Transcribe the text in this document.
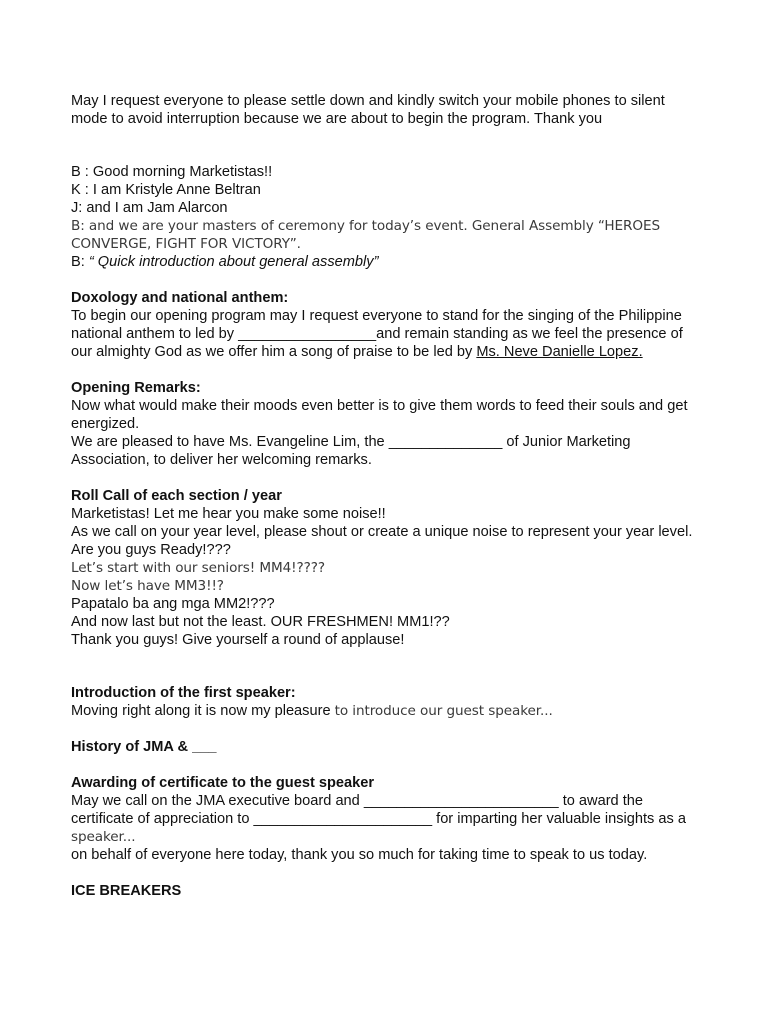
May I request everyone to please settle down and kindly switch your mobile phones to silent
mode to avoid interruption because we are about to begin the program. Thank you
B : Good morning Marketistas!!
K : I am Kristyle Anne Beltran
J: and I am Jam Alarcon
B: and we are your masters of ceremony for today’s event. General Assembly “HEROES
CONVERGE, FIGHT FOR VICTORY”.
B: “ Quick introduction about general assembly”
Doxology and national anthem:
To begin our opening program may I request everyone to stand for the singing of the Philippine
national anthem to led by _________________and remain standing as we feel the presence of
our almighty God as we offer him a song of praise to be led by Ms. Neve Danielle Lopez.
Opening Remarks:
Now what would make their moods even better is to give them words to feed their souls and get
energized.
We are pleased to have Ms. Evangeline Lim, the ______________ of Junior Marketing
Association, to deliver her welcoming remarks.
Roll Call of each section / year
Marketistas! Let me hear you make some noise!!
As we call on your year level, please shout or create a unique noise to represent your year level.
Are you guys Ready!???
Let’s start with our seniors! MM4!????
Now let’s have MM3!!?
Papatalo ba ang mga MM2!???
And now last but not the least. OUR FRESHMEN! MM1!??
Thank you guys! Give yourself a round of applause!
Introduction of the first speaker:
Moving right along it is now my pleasure to introduce our guest speaker...
History of JMA & ___
Awarding of certificate to the guest speaker
May we call on the JMA executive board and ________________________ to award the
certificate of appreciation to ______________________ for imparting her valuable insights as a
speaker...
on behalf of everyone here today, thank you so much for taking time to speak to us today.
ICE BREAKERS
